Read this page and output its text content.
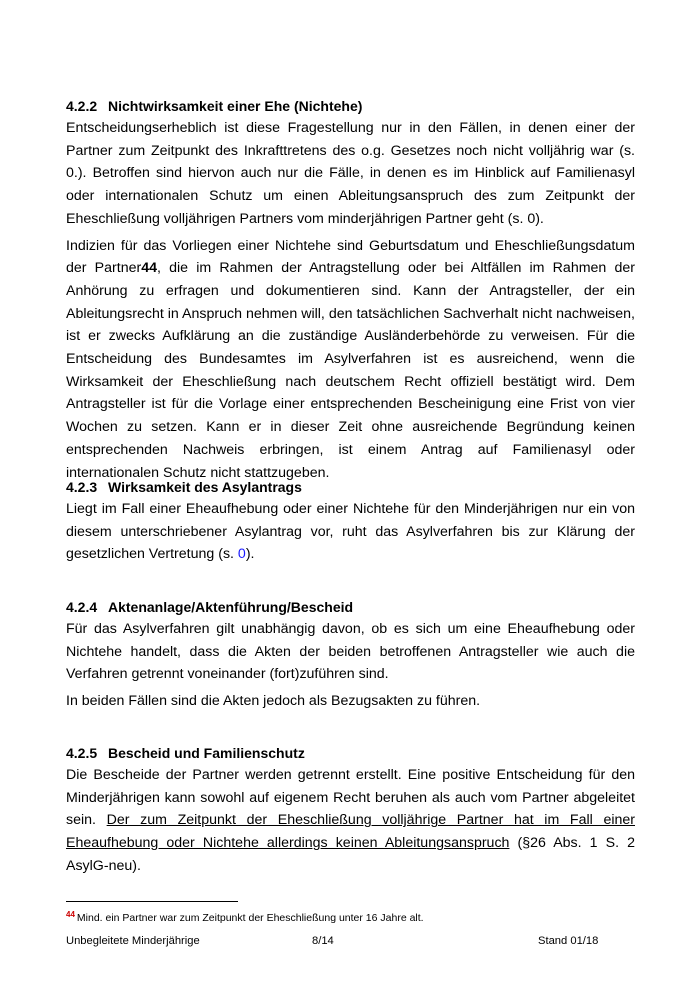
4.2.2 Nichtwirksamkeit einer Ehe (Nichtehe)

Entscheidungserheblich ist diese Fragestellung nur in den Fällen, in denen einer der Partner zum Zeitpunkt des Inkrafttretens des o.g. Gesetzes noch nicht volljährig war (s. 0.). Betroffen sind hiervon auch nur die Fälle, in denen es im Hinblick auf Familienasyl oder internationalen Schutz um einen Ableitungsanspruch des zum Zeitpunkt der Eheschließung volljährigen Partners vom minderjährigen Partner geht (s. 0).

Indizien für das Vorliegen einer Nichtehe sind Geburtsdatum und Eheschließungsdatum der Partner44, die im Rahmen der Antragstellung oder bei Altfällen im Rahmen der Anhörung zu erfragen und dokumentieren sind. Kann der Antragsteller, der ein Ableitungsrecht in Anspruch nehmen will, den tatsächlichen Sachverhalt nicht nachweisen, ist er zwecks Aufklärung an die zuständige Ausländerbehörde zu verweisen. Für die Entscheidung des Bundesamtes im Asylverfahren ist es ausreichend, wenn die Wirksamkeit der Eheschließung nach deutschem Recht offiziell bestätigt wird. Dem Antragsteller ist für die Vorlage einer entsprechenden Bescheinigung eine Frist von vier Wochen zu setzen. Kann er in dieser Zeit ohne ausreichende Begründung keinen entsprechenden Nachweis erbringen, ist einem Antrag auf Familienasyl oder internationalen Schutz nicht stattzugeben.

4.2.3 Wirksamkeit des Asylantrags

Liegt im Fall einer Eheaufhebung oder einer Nichtehe für den Minderjährigen nur ein von diesem unterschriebener Asylantrag vor, ruht das Asylverfahren bis zur Klärung der gesetzlichen Vertretung (s. 0).

4.2.4 Aktenanlage/Aktenführung/Bescheid

Für das Asylverfahren gilt unabhängig davon, ob es sich um eine Eheaufhebung oder Nichtehe handelt, dass die Akten der beiden betroffenen Antragsteller wie auch die Verfahren getrennt voneinander (fort)zuführen sind.

In beiden Fällen sind die Akten jedoch als Bezugsakten zu führen.

4.2.5 Bescheid und Familienschutz

Die Bescheide der Partner werden getrennt erstellt. Eine positive Entscheidung für den Minderjährigen kann sowohl auf eigenem Recht beruhen als auch vom Partner abgeleitet sein. Der zum Zeitpunkt der Eheschließung volljährige Partner hat im Fall einer Eheaufhebung oder Nichtehe allerdings keinen Ableitungsanspruch (§26 Abs. 1 S. 2 AsylG-neu).

$^{44}$ Mind. ein Partner war zum Zeitpunkt der Eheschließung unter 16 Jahre alt.
Unbegleitete Minderjährige	8/14	Stand 01/18
